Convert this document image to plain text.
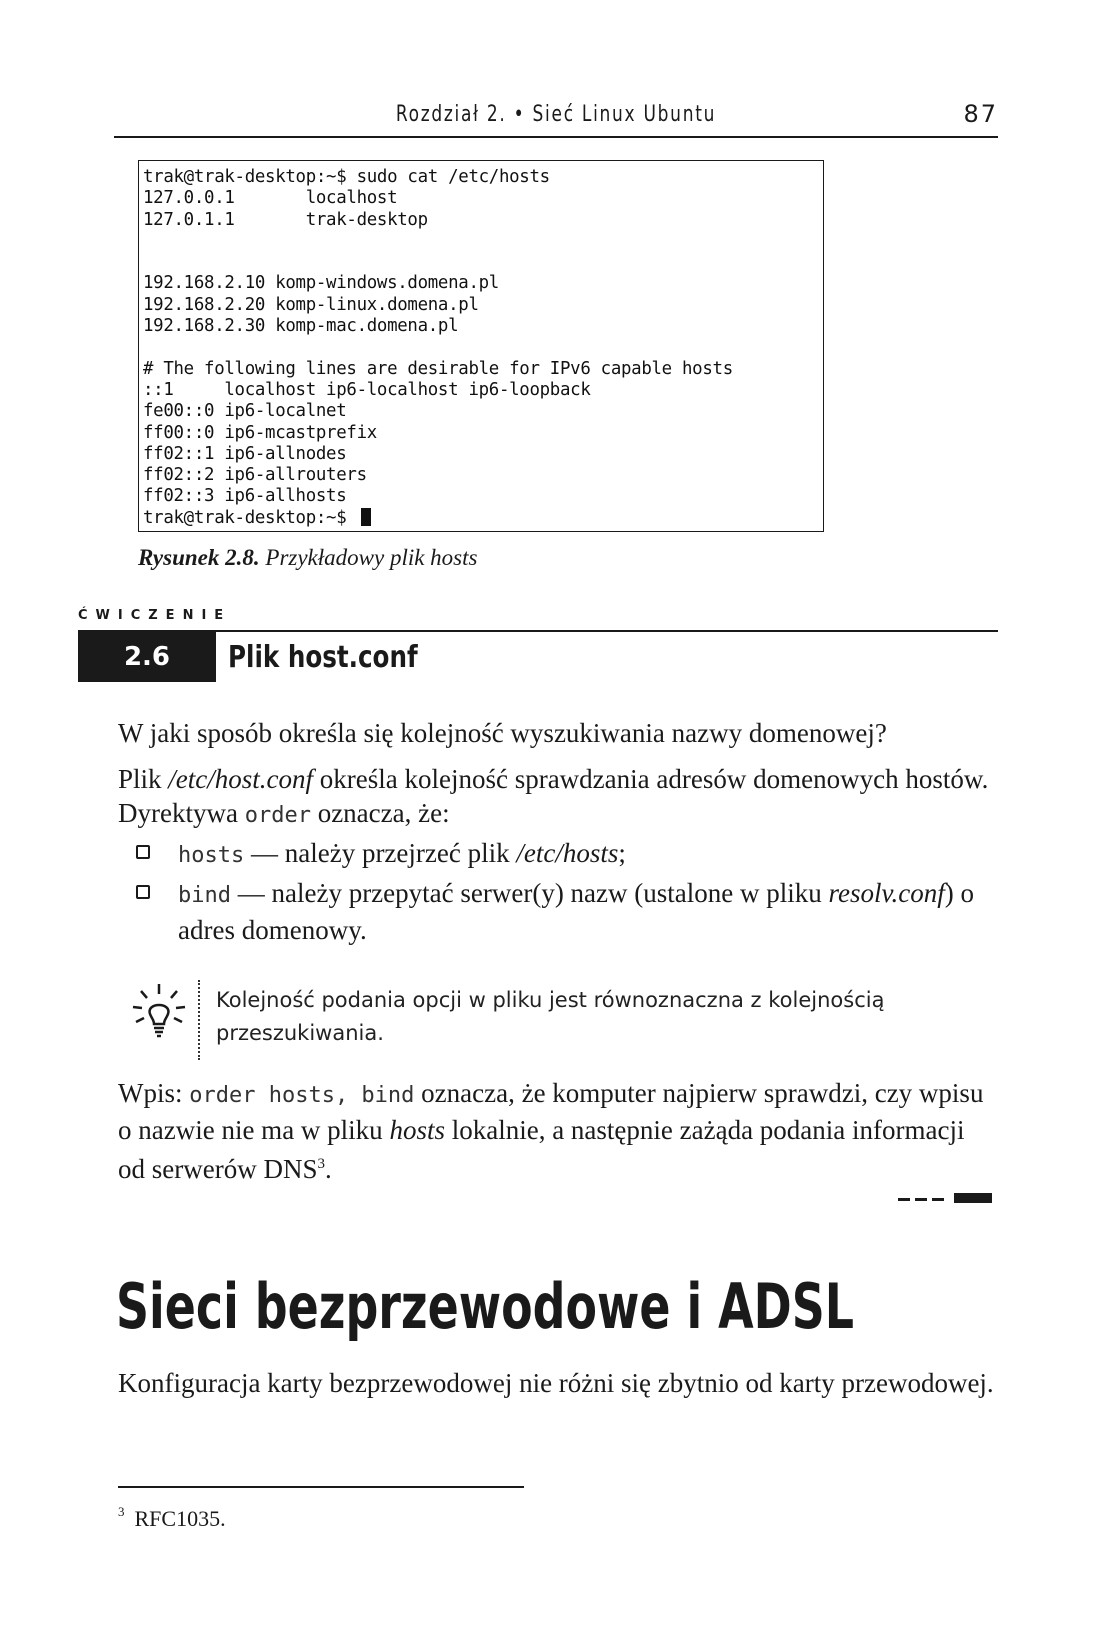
Rozdział 2. • Sieć Linux Ubuntu	87
trak@trak-desktop:~$ sudo cat /etc/hosts
127.0.0.1       localhost
127.0.1.1       trak-desktop
192.168.2.10 komp-windows.domena.pl
192.168.2.20 komp-linux.domena.pl
192.168.2.30 komp-mac.domena.pl
# The following lines are desirable for IPv6 capable hosts
::1     localhost ip6-localhost ip6-loopback
fe00::0 ip6-localnet
ff00::0 ip6-mcastprefix
ff02::1 ip6-allnodes
ff02::2 ip6-allrouters
ff02::3 ip6-allhosts
trak@trak-desktop:~$
Rysunek 2.8. Przykładowy plik hosts
ĆWICZENIE
2.6	Plik host.conf
W jaki sposób określa się kolejność wyszukiwania nazwy domenowej?
Plik /etc/host.conf określa kolejność sprawdzania adresów domenowych hostów. Dyrektywa order oznacza, że:
hosts — należy przejrzeć plik /etc/hosts;
bind — należy przepytać serwer(y) nazw (ustalone w pliku resolv.conf) o adres domenowy.
Kolejność podania opcji w pliku jest równoznaczna z kolejnością przeszukiwania.
Wpis: order hosts, bind oznacza, że komputer najpierw sprawdzi, czy wpisu o nazwie nie ma w pliku hosts lokalnie, a następnie zażąda podania informacji od serwerów DNS$^3$.
Sieci bezprzewodowe i ADSL
Konfiguracja karty bezprzewodowej nie różni się zbytnio od karty przewodowej.
$^3$ RFC1035.
